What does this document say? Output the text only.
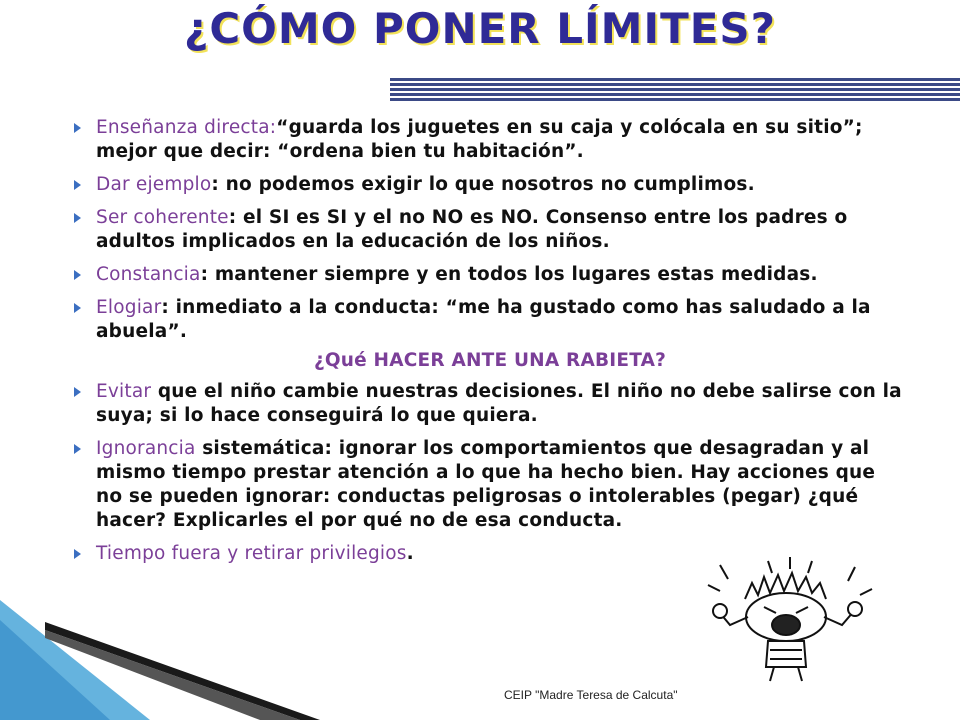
¿CÓMO PONER LÍMITES?
Enseñanza directa:“guarda los juguetes en su caja y colócala en su sitio”; mejor que decir: “ordena bien tu habitación”.
Dar ejemplo: no podemos exigir lo que nosotros no cumplimos.
Ser coherente: el SI es SI y el no NO es NO. Consenso entre los padres o adultos implicados en la educación de los niños.
Constancia: mantener siempre y en todos los lugares estas medidas.
Elogiar: inmediato a la conducta: “me ha gustado como has saludado a la abuela”.
¿Qué HACER ANTE UNA RABIETA?
Evitar que el niño cambie nuestras decisiones. El niño no debe salirse con la suya; si lo hace conseguirá lo que quiera.
Ignorancia sistemática: ignorar los comportamientos que desagradan y al mismo tiempo prestar atención a lo que ha hecho bien. Hay acciones que no se pueden ignorar: conductas peligrosas o intolerables (pegar) ¿qué hacer? Explicarles el por qué no de esa conducta.
Tiempo fuera y retirar privilegios.
CEIP "Madre Teresa de Calcuta"
